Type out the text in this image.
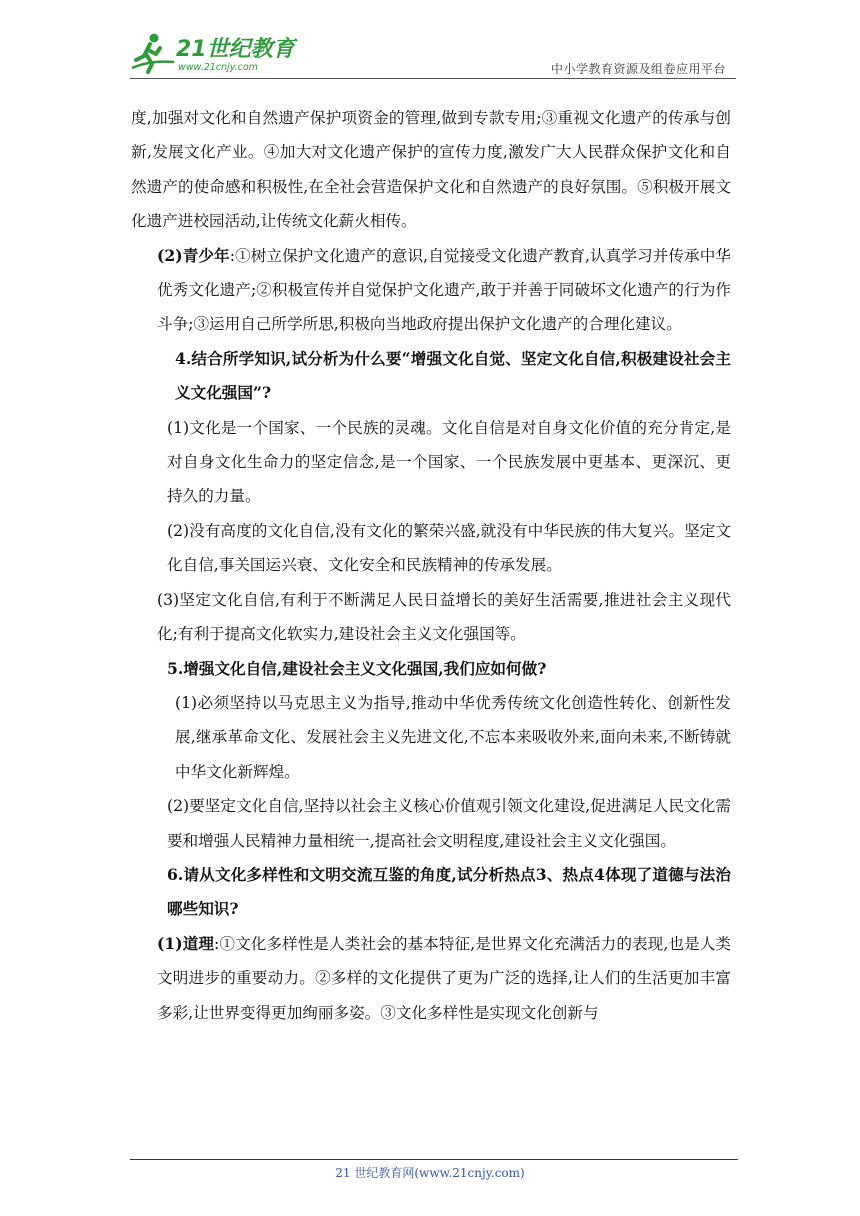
21世纪教育
www.21cnjy.com	中小学教育资源及组卷应用平台

度,加强对文化和自然遗产保护项资金的管理,做到专款专用;③重视文化遗产的传承与创新,发展文化产业。④加大对文化遗产保护的宣传力度,激发广大人民群众保护文化和自然遗产的使命感和积极性,在全社会营造保护文化和自然遗产的良好氛围。⑤积极开展文化遗产进校园活动,让传统文化薪火相传。

(2)青少年:①树立保护文化遗产的意识,自觉接受文化遗产教育,认真学习并传承中华优秀文化遗产;②积极宣传并自觉保护文化遗产,敢于并善于同破坏文化遗产的行为作斗争;③运用自己所学所思,积极向当地政府提出保护文化遗产的合理化建议。

4.结合所学知识,试分析为什么要“增强文化自觉、坚定文化自信,积极建设社会主义文化强国”?

(1)文化是一个国家、一个民族的灵魂。文化自信是对自身文化价值的充分肯定,是对自身文化生命力的坚定信念,是一个国家、一个民族发展中更基本、更深沉、更持久的力量。

(2)没有高度的文化自信,没有文化的繁荣兴盛,就没有中华民族的伟大复兴。坚定文化自信,事关国运兴衰、文化安全和民族精神的传承发展。

(3)坚定文化自信,有利于不断满足人民日益增长的美好生活需要,推进社会主义现代化;有利于提高文化软实力,建设社会主义文化强国等。

5.增强文化自信,建设社会主义文化强国,我们应如何做?

(1)必须坚持以马克思主义为指导,推动中华优秀传统文化创造性转化、创新性发展,继承革命文化、发展社会主义先进文化,不忘本来吸收外来,面向未来,不断铸就中华文化新辉煌。

(2)要坚定文化自信,坚持以社会主义核心价值观引领文化建设,促进满足人民文化需要和增强人民精神力量相统一,提高社会文明程度,建设社会主义文化强国。

6.请从文化多样性和文明交流互鉴的角度,试分析热点3、热点4体现了道德与法治哪些知识?

(1)道理:①文化多样性是人类社会的基本特征,是世界文化充满活力的表现,也是人类文明进步的重要动力。②多样的文化提供了更为广泛的选择,让人们的生活更加丰富多彩,让世界变得更加绚丽多姿。③文化多样性是实现文化创新与

21 世纪教育网(www.21cnjy.com)
